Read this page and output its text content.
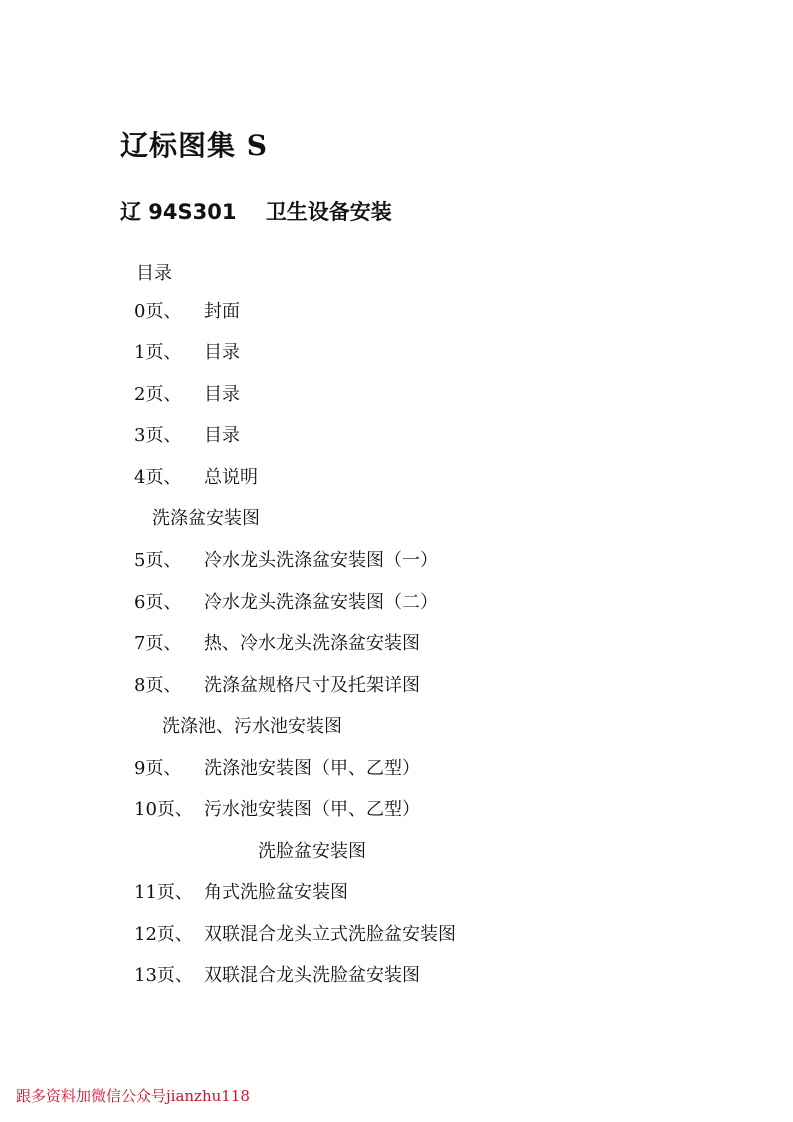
辽标图集 S
辽 94S301 卫生设备安装
目录
0页、 封面
1页、 目录
2页、 目录
3页、 目录
4页、 总说明
洗涤盆安装图
5页、 冷水龙头洗涤盆安装图（一）
6页、 冷水龙头洗涤盆安装图（二）
7页、 热、冷水龙头洗涤盆安装图
8页、 洗涤盆规格尺寸及托架详图
洗涤池、污水池安装图
9页、 洗涤池安装图（甲、乙型）
10页、 污水池安装图（甲、乙型）
洗脸盆安装图
11页、 角式洗脸盆安装图
12页、 双联混合龙头立式洗脸盆安装图
13页、 双联混合龙头洗脸盆安装图
跟多资料加微信公众号jianzhu118
